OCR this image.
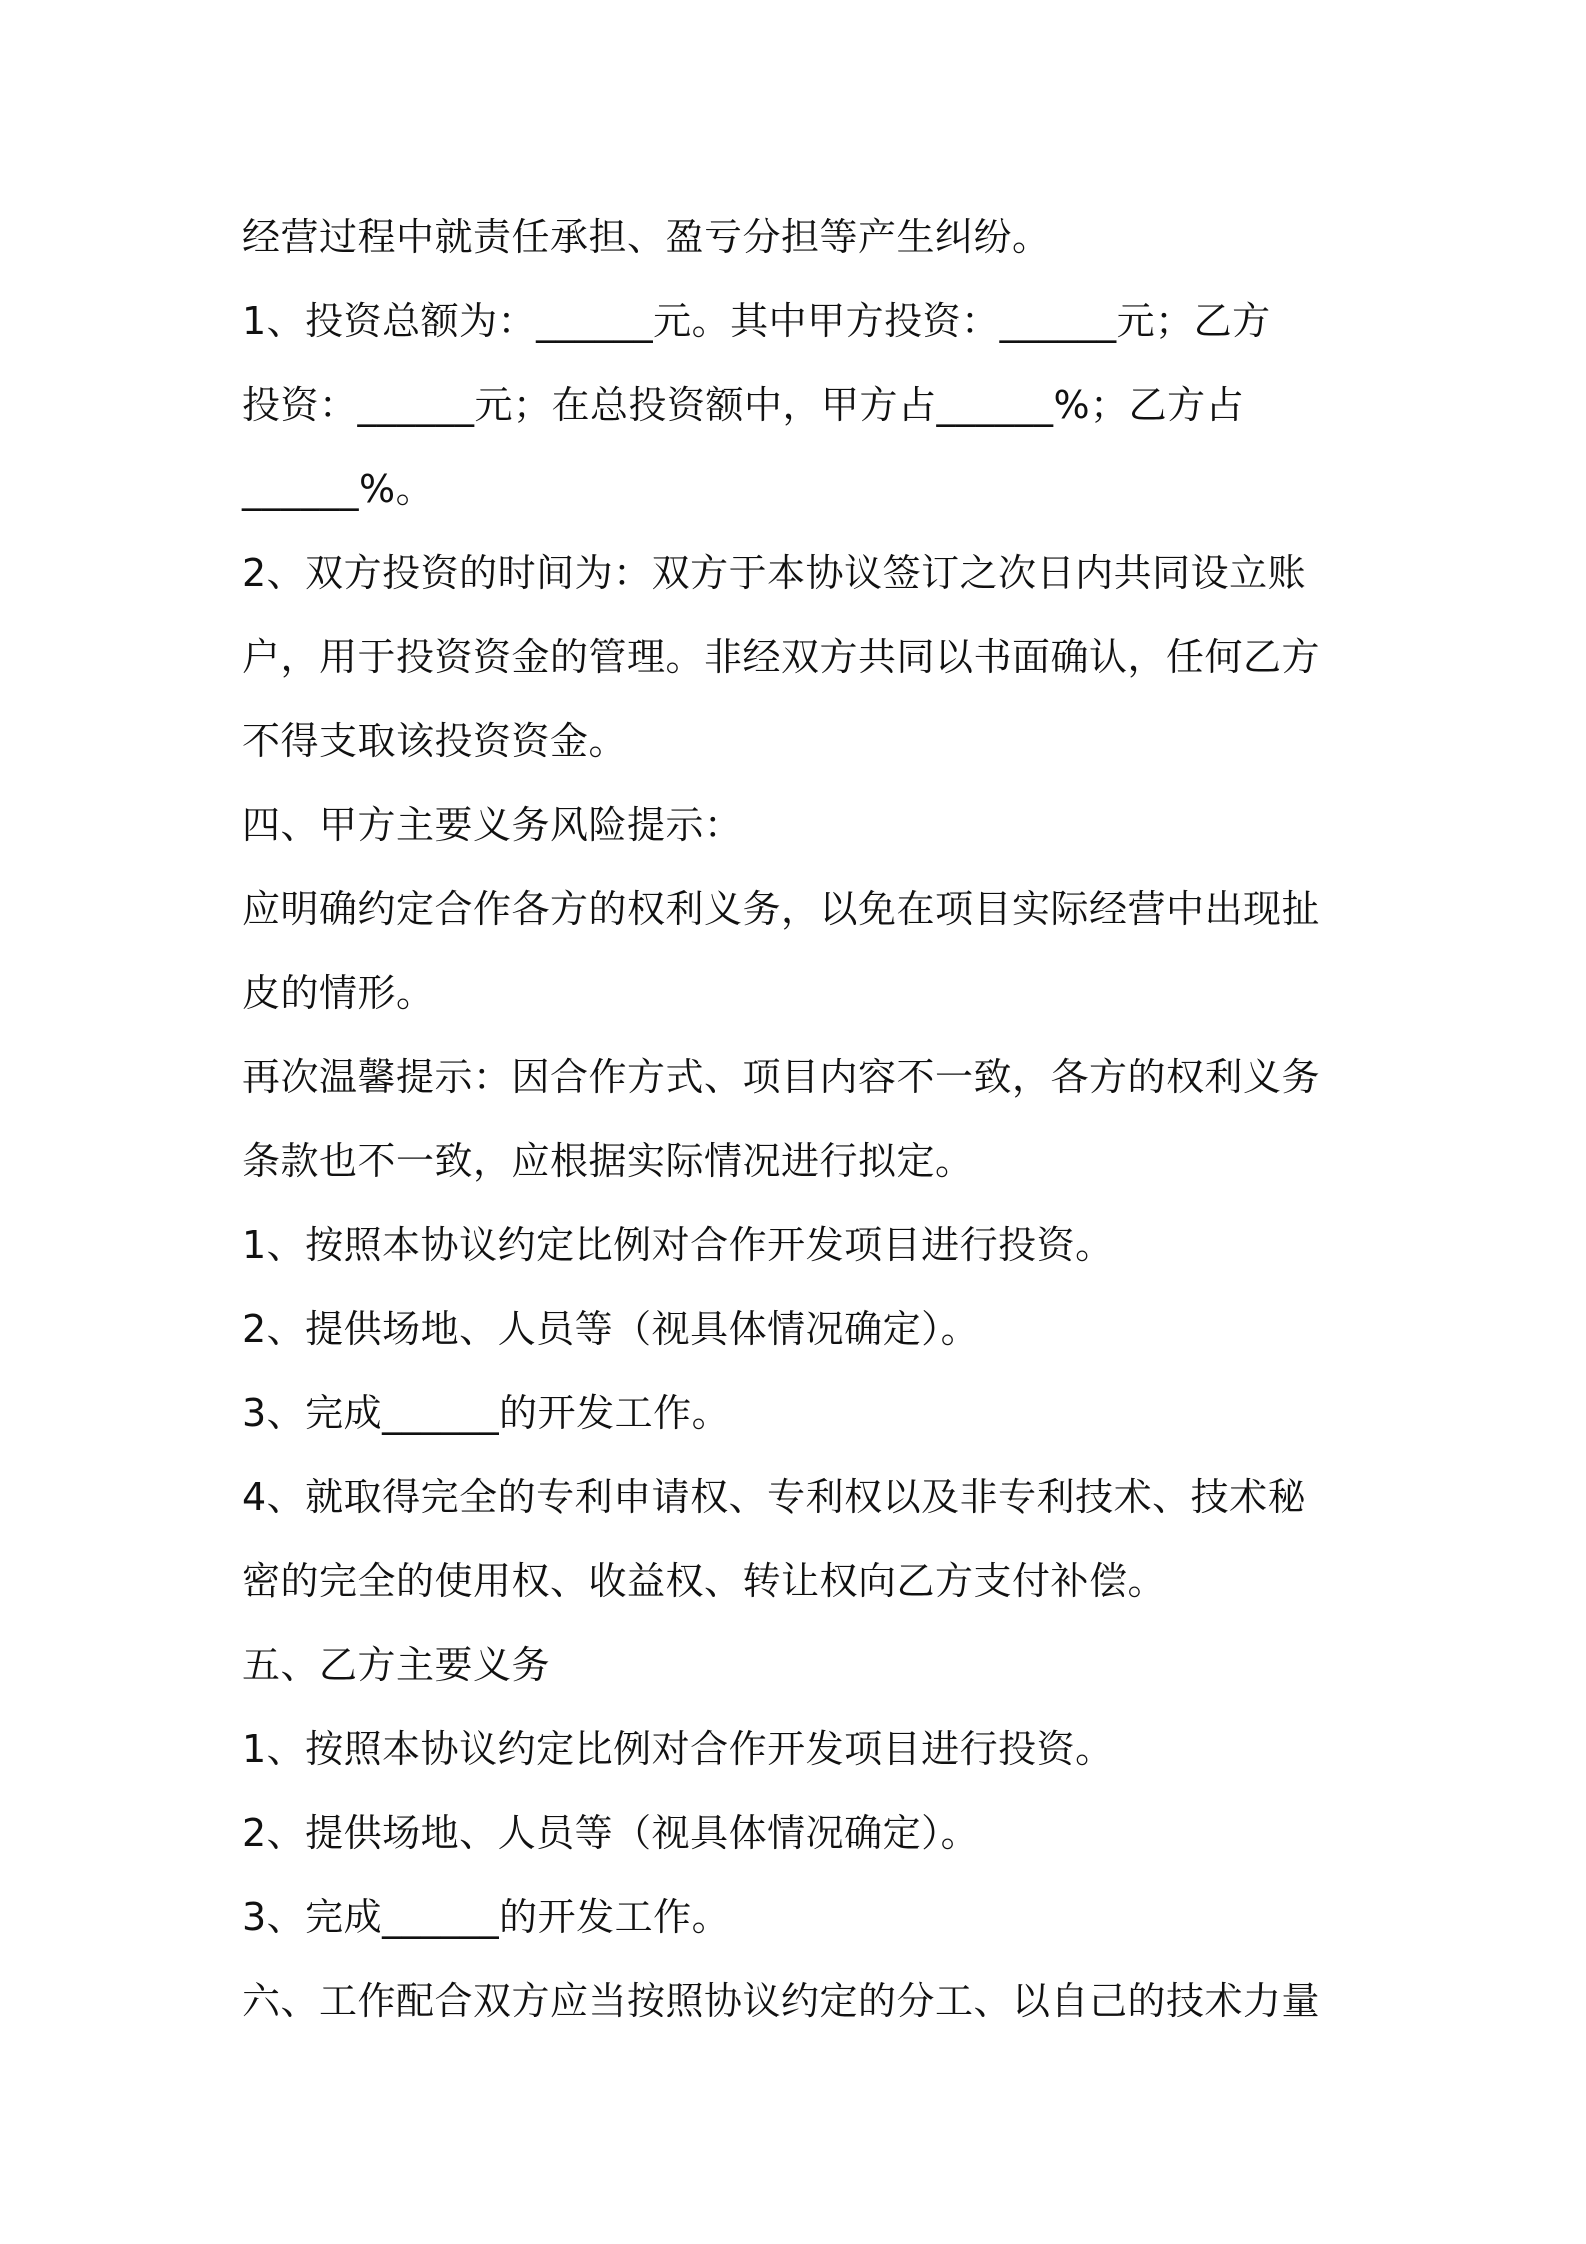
经营过程中就责任承担、盈亏分担等产生纠纷。
1、投资总额为：______元。其中甲方投资：______元；乙方
投资：______元；在总投资额中，甲方占______%；乙方占
______%。
2、双方投资的时间为：双方于本协议签订之次日内共同设立账
户，用于投资资金的管理。非经双方共同以书面确认，任何乙方
不得支取该投资资金。
四、甲方主要义务风险提示：
应明确约定合作各方的权利义务，以免在项目实际经营中出现扯
皮的情形。
再次温馨提示：因合作方式、项目内容不一致，各方的权利义务
条款也不一致，应根据实际情况进行拟定。
1、按照本协议约定比例对合作开发项目进行投资。
2、提供场地、人员等（视具体情况确定）。
3、完成______的开发工作。
4、就取得完全的专利申请权、专利权以及非专利技术、技术秘
密的完全的使用权、收益权、转让权向乙方支付补偿。
五、乙方主要义务
1、按照本协议约定比例对合作开发项目进行投资。
2、提供场地、人员等（视具体情况确定）。
3、完成______的开发工作。
六、工作配合双方应当按照协议约定的分工、以自己的技术力量
